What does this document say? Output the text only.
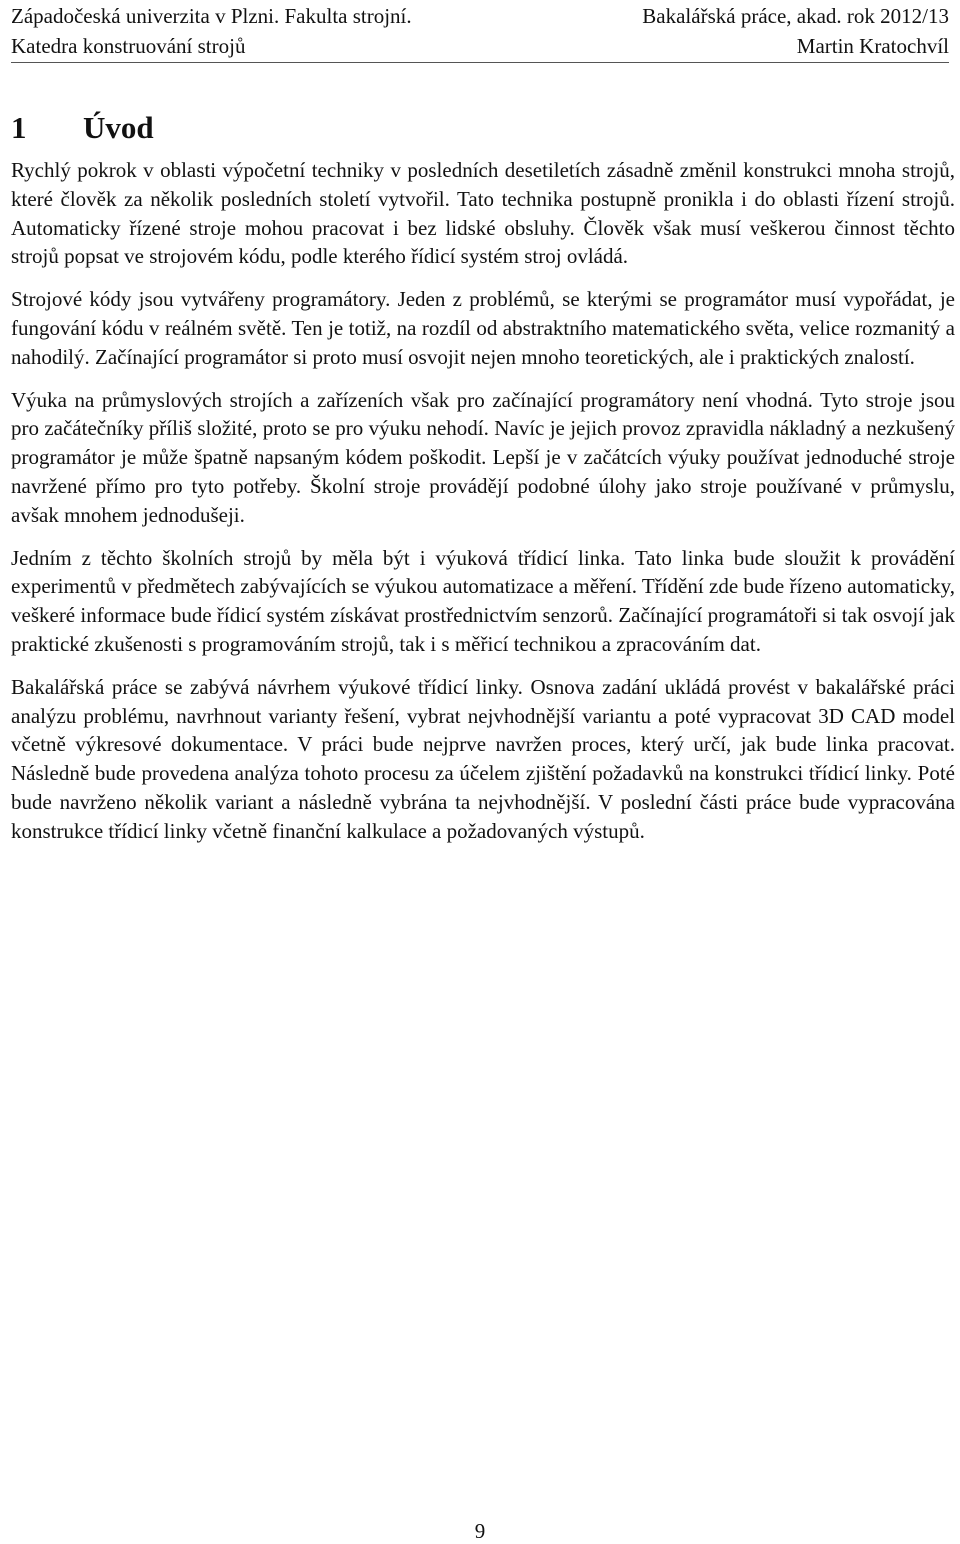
Západočeská univerzita v Plzni. Fakulta strojní.	Bakalářská práce, akad. rok 2012/13
Katedra konstruování strojů	Martin Kratochvíl
1 Úvod

Rychlý pokrok v oblasti výpočetní techniky v posledních desetiletích zásadně změnil konstrukci mnoha strojů, které člověk za několik posledních století vytvořil. Tato technika postupně pronikla i do oblasti řízení strojů. Automaticky řízené stroje mohou pracovat i bez lidské obsluhy. Člověk však musí veškerou činnost těchto strojů popsat ve strojovém kódu, podle kterého řídicí systém stroj ovládá.

Strojové kódy jsou vytvářeny programátory. Jeden z problémů, se kterými se programátor musí vypořádat, je fungování kódu v reálném světě. Ten je totiž, na rozdíl od abstraktního matematického světa, velice rozmanitý a nahodilý. Začínající programátor si proto musí osvojit nejen mnoho teoretických, ale i praktických znalostí.

Výuka na průmyslových strojích a zařízeních však pro začínající programátory není vhodná. Tyto stroje jsou pro začátečníky příliš složité, proto se pro výuku nehodí. Navíc je jejich provoz zpravidla nákladný a nezkušený programátor je může špatně napsaným kódem poškodit. Lepší je v začátcích výuky používat jednoduché stroje navržené přímo pro tyto potřeby. Školní stroje provádějí podobné úlohy jako stroje používané v průmyslu, avšak mnohem jednodušeji.

Jedním z těchto školních strojů by měla být i výuková třídicí linka. Tato linka bude sloužit k provádění experimentů v předmětech zabývajících se výukou automatizace a měření. Třídění zde bude řízeno automaticky, veškeré informace bude řídicí systém získávat prostřednictvím senzorů. Začínající programátoři si tak osvojí jak praktické zkušenosti s programováním strojů, tak i s měřicí technikou a zpracováním dat.

Bakalářská práce se zabývá návrhem výukové třídicí linky. Osnova zadání ukládá provést v bakalářské práci analýzu problému, navrhnout varianty řešení, vybrat nejvhodnější variantu a poté vypracovat 3D CAD model včetně výkresové dokumentace. V práci bude nejprve navržen proces, který určí, jak bude linka pracovat. Následně bude provedena analýza tohoto procesu za účelem zjištění požadavků na konstrukci třídicí linky. Poté bude navrženo několik variant a následně vybrána ta nejvhodnější. V poslední části práce bude vypracována konstrukce třídicí linky včetně finanční kalkulace a požadovaných výstupů.

9
